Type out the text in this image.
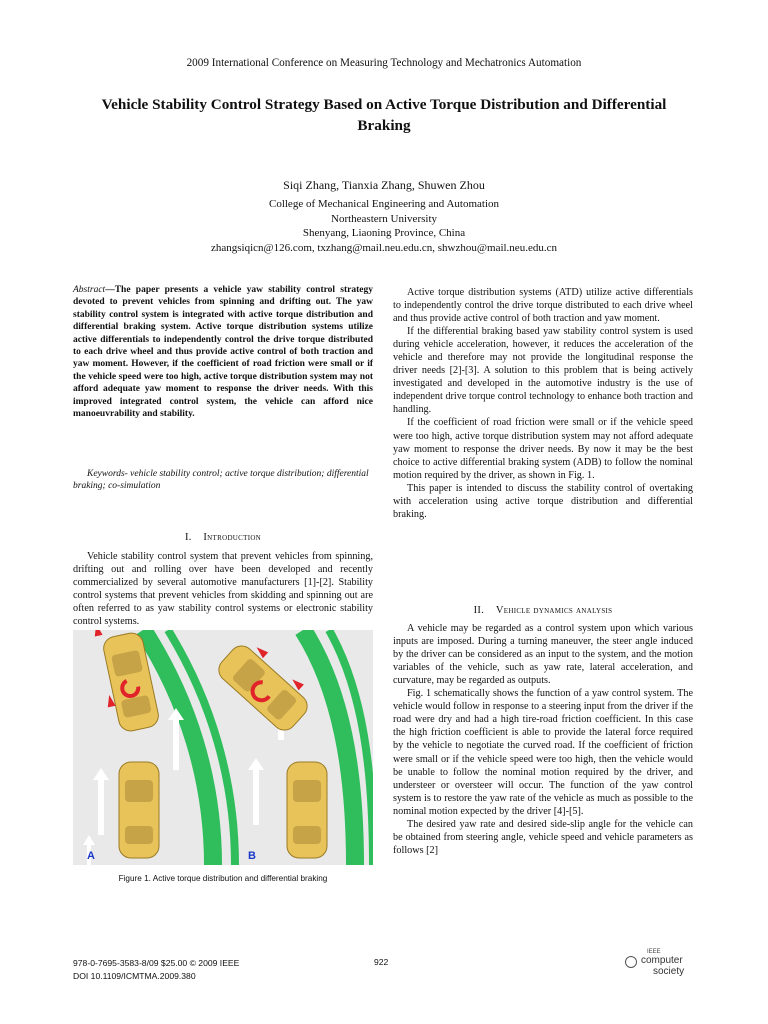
2009 International Conference on Measuring Technology and Mechatronics Automation
Vehicle Stability Control Strategy Based on Active Torque Distribution and Differential Braking
Siqi Zhang, Tianxia Zhang, Shuwen Zhou
College of Mechanical Engineering and Automation
Northeastern University
Shenyang, Liaoning Province, China
zhangsiqicn@126.com, txzhang@mail.neu.edu.cn, shwzhou@mail.neu.edu.cn
Abstract—The paper presents a vehicle yaw stability control strategy devoted to prevent vehicles from spinning and drifting out. The yaw stability control system is integrated with active torque distribution and differential braking system. Active torque distribution systems utilize active differentials to independently control the drive torque distributed to each drive wheel and thus provide active control of both traction and yaw moment. However, if the coefficient of road friction were small or if the vehicle speed were too high, active torque distribution system may not afford adequate yaw moment to response the driver needs. With this improved integrated control system, the vehicle can afford nice manoeuvrability and stability.
Keywords- vehicle stability control; active torque distribution; differential braking; co-simulation
I. Introduction

Vehicle stability control system that prevent vehicles from spinning, drifting out and rolling over have been developed and recently commercialized by several automotive manufacturers [1]-[2]. Stability control systems that prevent vehicles from skidding and spinning out are often referred to as yaw stability control systems or electronic stability control systems.

A	B
Figure 1. Active torque distribution and differential braking

Active torque distribution systems (ATD) utilize active differentials to independently control the drive torque distributed to each drive wheel and thus provide active control of both traction and yaw moment.

If the differential braking based yaw stability control system is used during vehicle acceleration, however, it reduces the acceleration of the vehicle and therefore may not provide the longitudinal response the driver needs [2]-[3]. A solution to this problem that is being actively investigated and developed in the automotive industry is the use of independent drive torque control technology to enhance both traction and handling.

If the coefficient of road friction were small or if the vehicle speed were too high, active torque distribution system may not afford adequate yaw moment to response the driver needs. By now it may be the best choice to active differential braking system (ADB) to follow the nominal motion required by the driver, as shown in Fig. 1.

This paper is intended to discuss the stability control of overtaking with acceleration using active torque distribution and differential braking.

II. Vehicle dynamics analysis

A vehicle may be regarded as a control system upon which various inputs are imposed. During a turning maneuver, the steer angle induced by the driver can be considered as an input to the system, and the motion variables of the vehicle, such as yaw rate, lateral acceleration, and curvature, may be regarded as outputs.

Fig. 1 schematically shows the function of a yaw control system. The vehicle would follow in response to a steering input from the driver if the road were dry and had a high tire-road friction coefficient. In this case the high friction coefficient is able to provide the lateral force required by the vehicle to negotiate the curved road. If the coefficient of friction were small or if the vehicle speed were too high, then the vehicle would be unable to follow the nominal motion required by the driver, and understeer or oversteer will occur. The function of the yaw control system is to restore the yaw rate of the vehicle as much as possible to the nominal motion expected by the driver [4]-[5].

The desired yaw rate and desired side-slip angle for the vehicle can be obtained from steering angle, vehicle speed and vehicle parameters as follows [2]

978-0-7695-3583-8/09 $25.00 © 2009 IEEE
DOI 10.1109/ICMTMA.2009.380
922
IEEE
computer
society
